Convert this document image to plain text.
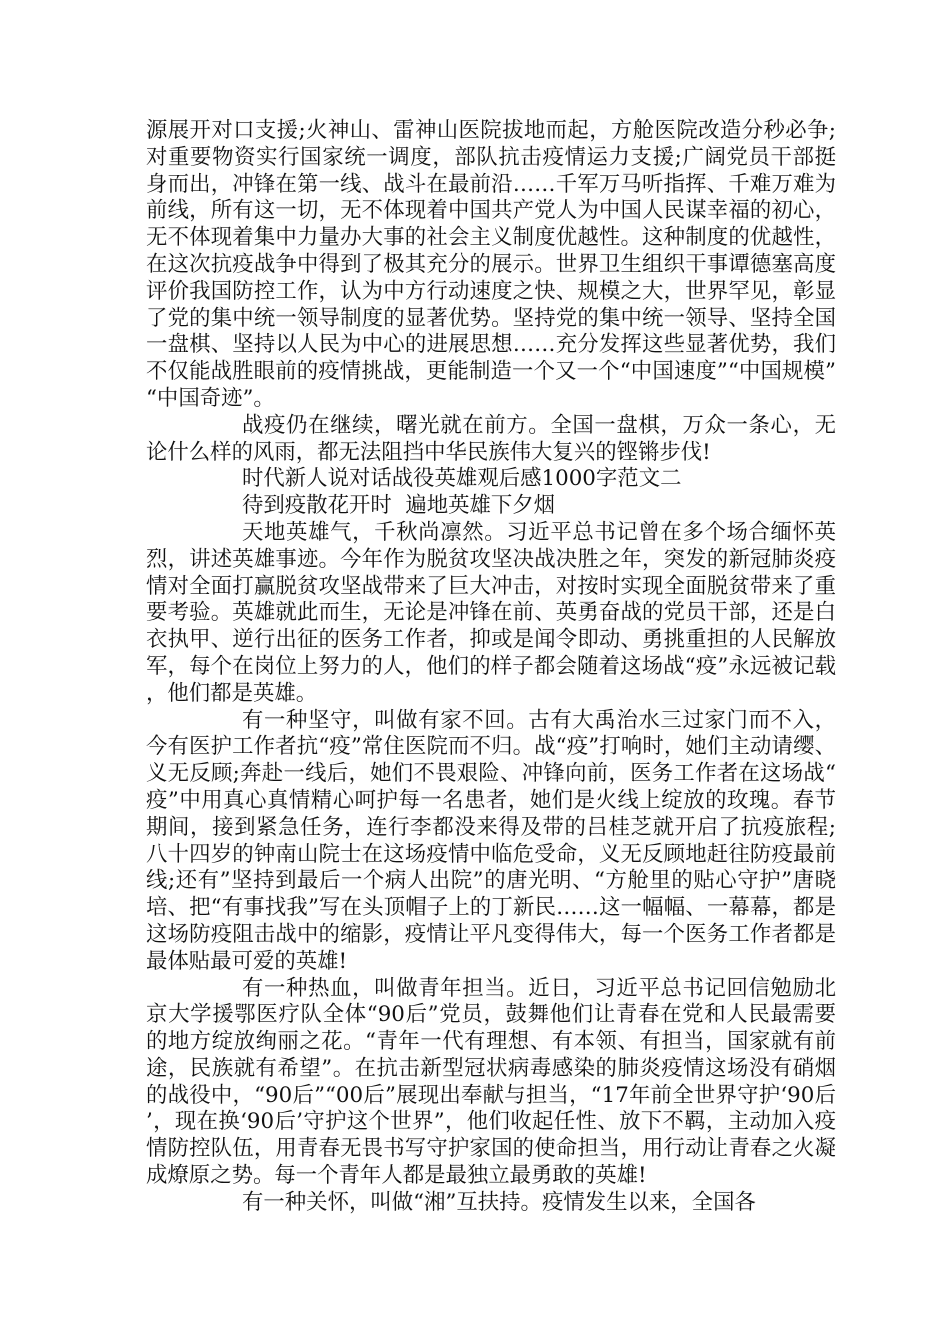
源展开对口支援;火神山、雷神山医院拔地而起，方舱医院改造分秒必争;对重要物资实行国家统一调度，部队抗击疫情运力支援;广阔党员干部挺身而出，冲锋在第一线、战斗在最前沿……千军万马听指挥、千难万难为前线，所有这一切，无不体现着中国共产党人为中国人民谋幸福的初心，无不体现着集中力量办大事的社会主义制度优越性。这种制度的优越性，在这次抗疫战争中得到了极其充分的展示。世界卫生组织干事谭德塞高度评价我国防控工作，认为中方行动速度之快、规模之大，世界罕见，彰显了党的集中统一领导制度的显著优势。坚持党的集中统一领导、坚持全国一盘棋、坚持以人民为中心的进展思想……充分发挥这些显著优势，我们不仅能战胜眼前的疫情挑战，更能制造一个又一个“中国速度”“中国规模”“中国奇迹”。

战疫仍在继续，曙光就在前方。全国一盘棋，万众一条心，无论什么样的风雨，都无法阻挡中华民族伟大复兴的铿锵步伐!

时代新人说对话战役英雄观后感1000字范文二

待到疫散花开时  遍地英雄下夕烟

天地英雄气，千秋尚凛然。习近平总书记曾在多个场合缅怀英烈，讲述英雄事迹。今年作为脱贫攻坚决战决胜之年，突发的新冠肺炎疫情对全面打赢脱贫攻坚战带来了巨大冲击，对按时实现全面脱贫带来了重要考验。英雄就此而生，无论是冲锋在前、英勇奋战的党员干部，还是白衣执甲、逆行出征的医务工作者，抑或是闻令即动、勇挑重担的人民解放军，每个在岗位上努力的人，他们的样子都会随着这场战“疫”永远被记载，他们都是英雄。

有一种坚守，叫做有家不回。古有大禹治水三过家门而不入，今有医护工作者抗“疫”常住医院而不归。战“疫”打响时，她们主动请缨、义无反顾;奔赴一线后，她们不畏艰险、冲锋向前，医务工作者在这场战“疫”中用真心真情精心呵护每一名患者，她们是火线上绽放的玫瑰。春节期间，接到紧急任务，连行李都没来得及带的吕桂芝就开启了抗疫旅程;八十四岁的钟南山院士在这场疫情中临危受命，义无反顾地赶往防疫最前线;还有”坚持到最后一个病人出院”的唐光明、“方舱里的贴心守护”唐晓培、把“有事找我”写在头顶帽子上的丁新民……这一幅幅、一幕幕，都是这场防疫阻击战中的缩影，疫情让平凡变得伟大，每一个医务工作者都是最体贴最可爱的英雄!

有一种热血，叫做青年担当。近日，习近平总书记回信勉励北京大学援鄂医疗队全体“90后”党员，鼓舞他们让青春在党和人民最需要的地方绽放绚丽之花。“青年一代有理想、有本领、有担当，国家就有前途，民族就有希望”。在抗击新型冠状病毒感染的肺炎疫情这场没有硝烟的战役中，“90后”“00后”展现出奉献与担当，“17年前全世界守护‘90后’，现在换‘90后’守护这个世界”，他们收起任性、放下不羁，主动加入疫情防控队伍，用青春无畏书写守护家国的使命担当，用行动让青春之火凝成燎原之势。每一个青年人都是最独立最勇敢的英雄!

有一种关怀，叫做“湘”互扶持。疫情发生以来，全国各
